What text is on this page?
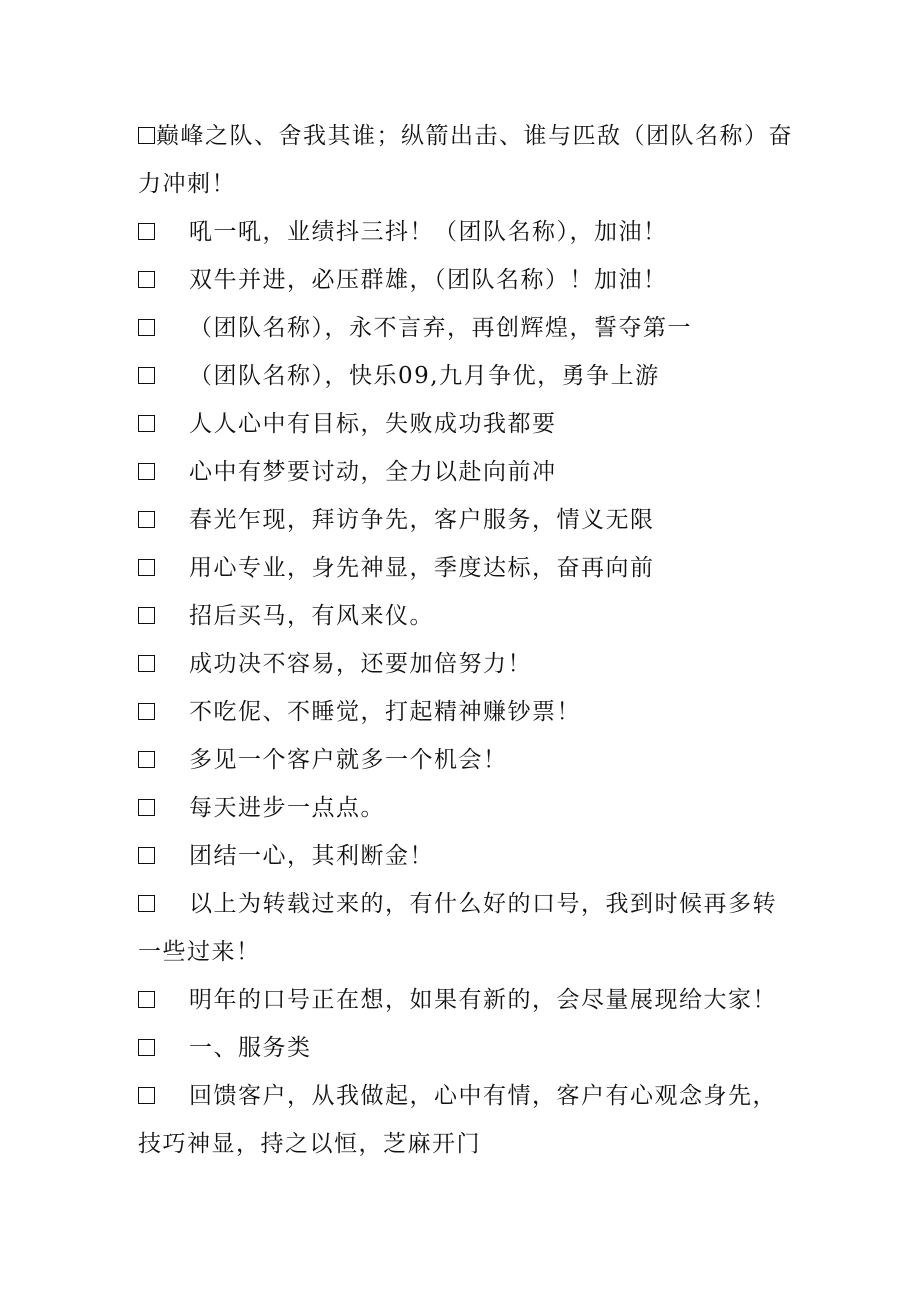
巅峰之队、舍我其谁；纵箭出击、谁与匹敌（团队名称）奋力冲刺！
吼一吼，业绩抖三抖！（团队名称），加油！
双牛并进，必压群雄，（团队名称）！加油！
（团队名称），永不言弃，再创辉煌，誓夺第一
（团队名称），快乐09,九月争优，勇争上游
人人心中有目标，失败成功我都要
心中有梦要讨动，全力以赴向前冲
春光乍现，拜访争先，客户服务，情义无限
用心专业，身先神显，季度达标，奋再向前
招后买马，有风来仪。
成功决不容易，还要加倍努力！
不吃伲、不睡觉，打起精神赚钞票！
多见一个客户就多一个机会！
每天进步一点点。
团结一心，其利断金！
以上为转载过来的，有什么好的口号，我到时候再多转一些过来！
明年的口号正在想，如果有新的，会尽量展现给大家！
一、服务类
回馈客户，从我做起，心中有情，客户有心观念身先，技巧神显，持之以恒，芝麻开门
